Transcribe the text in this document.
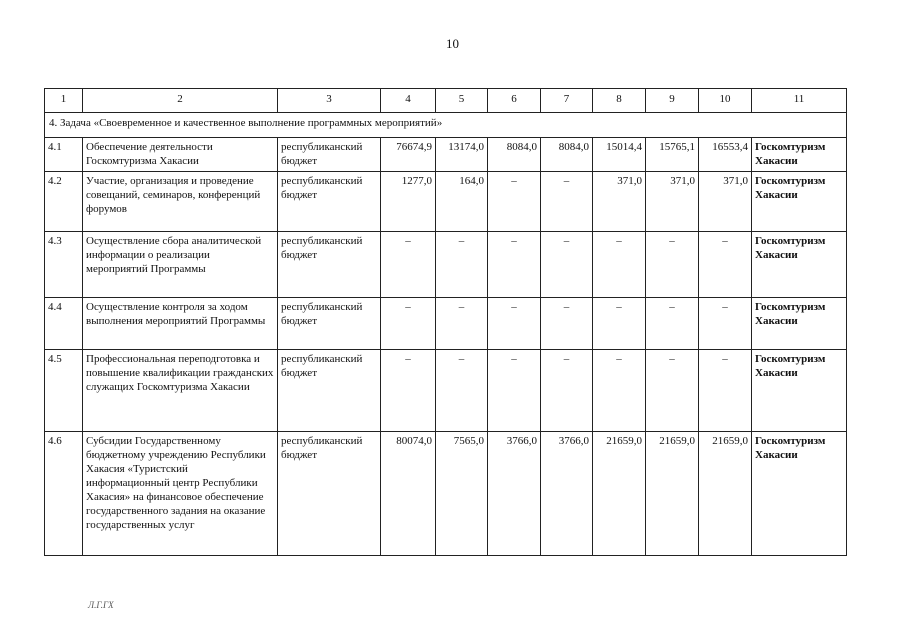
10
1	2	3	4	5	6	7	8	9	10	11
4. Задача «Своевременное и качественное выполнение программных мероприятий»										
4.1	Обеспечение деятельности Госкомтуризма Хакасии	республиканский бюджет	76674,9	13174,0	8084,0	8084,0	15014,4	15765,1	16553,4	Госкомтуризм Хакасии
4.2	Участие, организация и проведение совещаний, семинаров, конференций форумов	республиканский бюджет	1277,0	164,0	–	–	371,0	371,0	371,0	Госкомтуризм Хакасии
4.3	Осуществление сбора аналитической информации о реализации мероприятий Программы	республиканский бюджет	–	–	–	–	–	–	–	Госкомтуризм Хакасии
4.4	Осуществление контроля за ходом выполнения мероприятий Программы	республиканский бюджет	–	–	–	–	–	–	–	Госкомтуризм Хакасии
4.5	Профессиональная переподготовка и повышение квалификации гражданских служащих Госкомтуризма Хакасии	республиканский бюджет	–	–	–	–	–	–	–	Госкомтуризм Хакасии
4.6	Субсидии Государственному бюджетному учреждению Республики Хакасия «Туристский информационный центр Республики Хакасия» на финансовое обеспечение государственного задания на оказание государственных услуг	республиканский бюджет	80074,0	7565,0	3766,0	3766,0	21659,0	21659,0	21659,0	Госкомтуризм Хакасии
Л.Г.ГХ
